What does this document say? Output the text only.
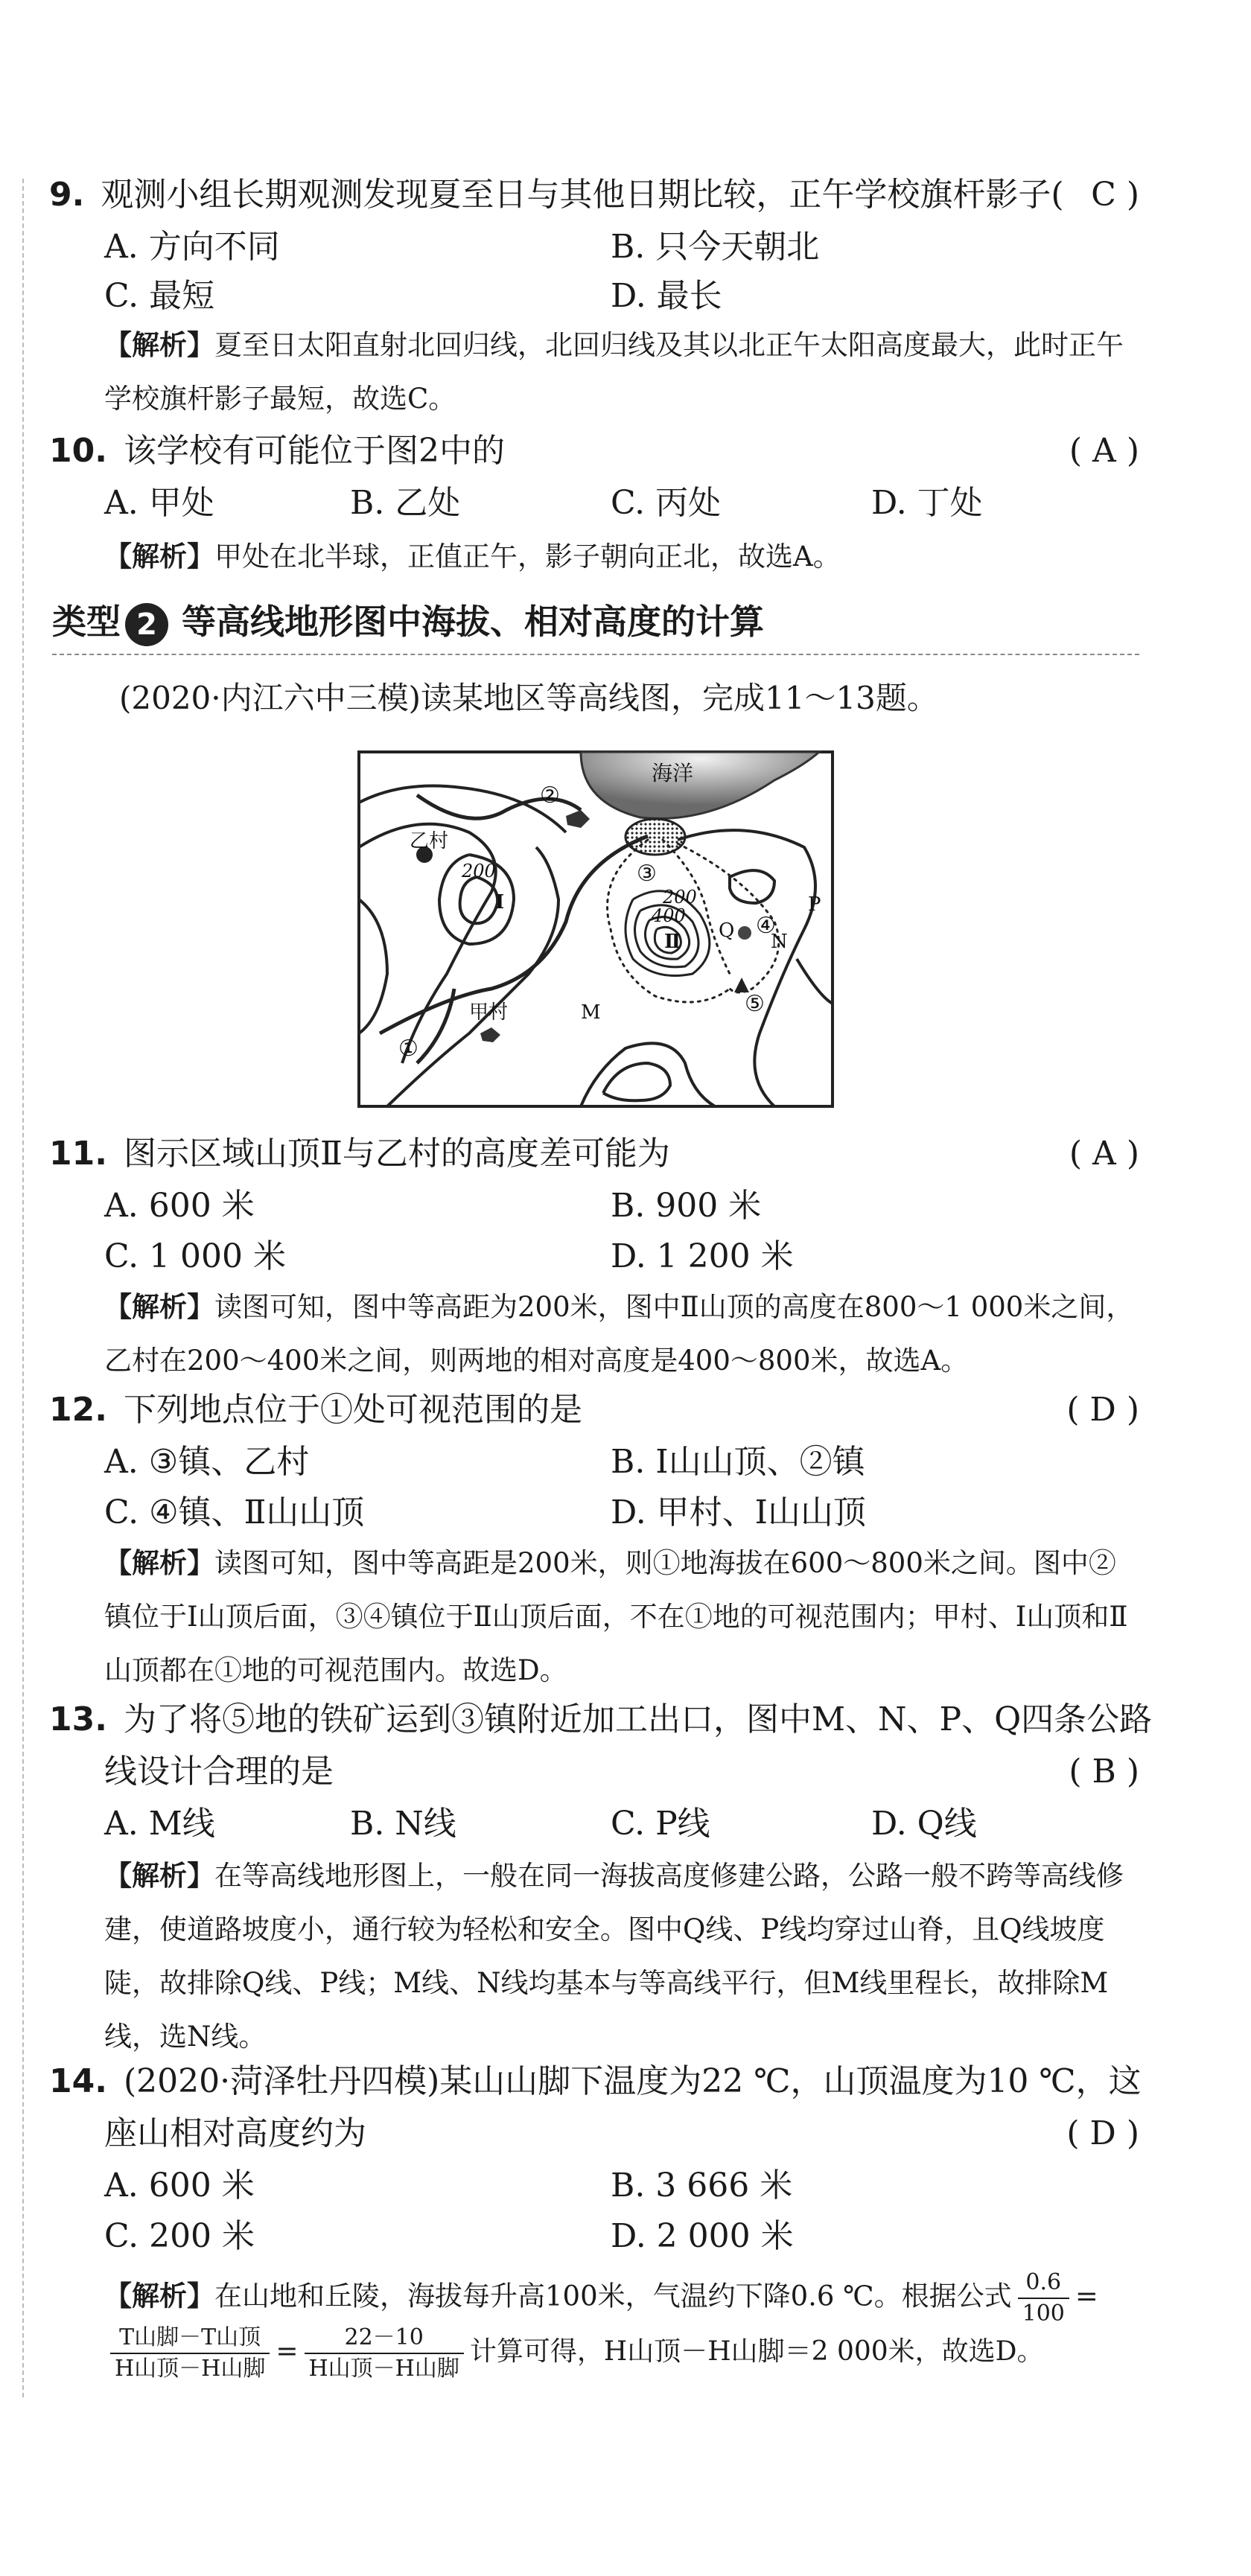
9. 观测小组长期观测发现夏至日与其他日期比较，正午学校旗杆影子( C )
A. 方向不同	B. 只今天朝北
C. 最短	D. 最长
【解析】夏至日太阳直射北回归线，北回归线及其以北正午太阳高度最大，此时正午学校旗杆影子最短，故选C。
10. 该学校有可能位于图2中的	( A )
A. 甲处	B. 乙处	C. 丙处	D. 丁处
【解析】甲处在北半球，正值正午，影子朝向正北，故选A。
类型 2 等高线地形图中海拔、相对高度的计算
(2020·内江六中三模)读某地区等高线图，完成11～13题。
海洋
乙村
甲村
200
200
400
Ⅰ
Ⅱ
M
N
P
Q
①
②
③
④
⑤
11. 图示区域山顶Ⅱ与乙村的高度差可能为	( A )
A. 600 米	B. 900 米
C. 1 000 米	D. 1 200 米
【解析】读图可知，图中等高距为200米，图中Ⅱ山顶的高度在800～1 000米之间，乙村在200～400米之间，则两地的相对高度是400～800米，故选A。
12. 下列地点位于①处可视范围的是	( D )
A. ③镇、乙村	B. Ⅰ山山顶、②镇
C. ④镇、Ⅱ山山顶	D. 甲村、Ⅰ山山顶
【解析】读图可知，图中等高距是200米，则①地海拔在600～800米之间。图中②镇位于Ⅰ山顶后面，③④镇位于Ⅱ山顶后面，不在①地的可视范围内；甲村、Ⅰ山顶和Ⅱ山顶都在①地的可视范围内。故选D。
13. 为了将⑤地的铁矿运到③镇附近加工出口，图中M、N、P、Q四条公路
线设计合理的是	( B )
A. M线	B. N线	C. P线	D. Q线
【解析】在等高线地形图上，一般在同一海拔高度修建公路，公路一般不跨等高线修建，使道路坡度小，通行较为轻松和安全。图中Q线、P线均穿过山脊，且Q线坡度陡，故排除Q线、P线；M线、N线均基本与等高线平行，但M线里程长，故排除M线，选N线。
14. (2020·菏泽牡丹四模)某山山脚下温度为22 ℃，山顶温度为10 ℃，这
座山相对高度约为	( D )
A. 600 米	B. 3 666 米
C. 200 米	D. 2 000 米
【解析】在山地和丘陵，海拔每升高100米，气温约下降0.6 ℃。根据公式 $\frac{0.6}{100}$ =
$\frac{\text{T山脚－T山顶}}{\text{H山顶－H山脚}} = \frac{22-10}{\text{H山顶－H山脚}}$ 计算可得，H山顶－H山脚＝2 000米，故选D。
